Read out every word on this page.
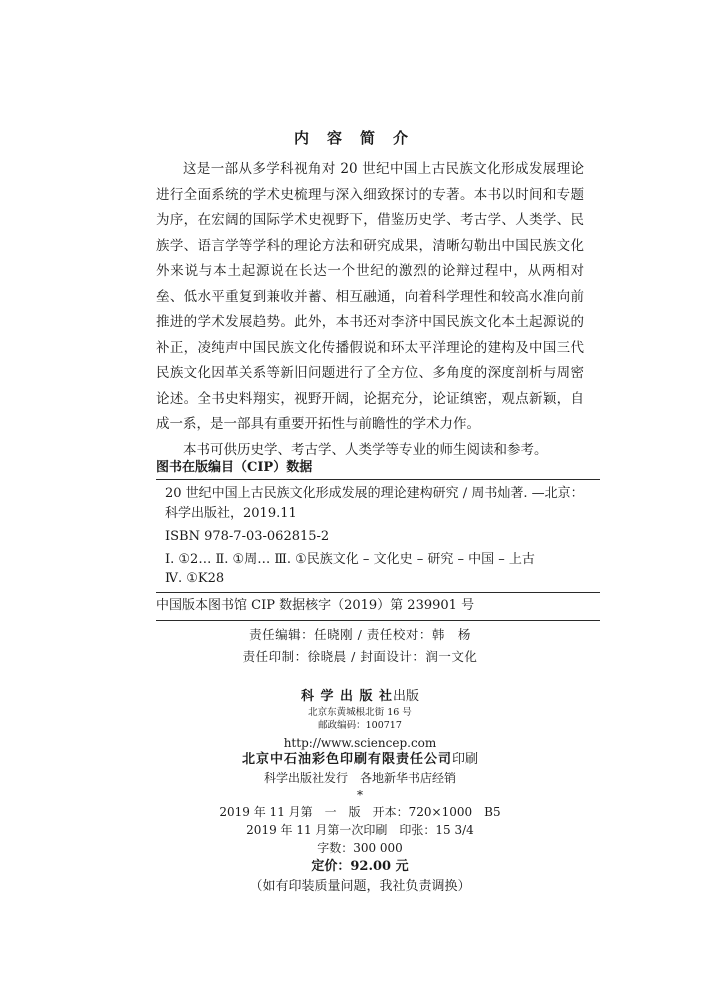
内容简介

这是一部从多学科视角对 20 世纪中国上古民族文化形成发展理论进行全面系统的学术史梳理与深入细致探讨的专著。本书以时间和专题为序，在宏阔的国际学术史视野下，借鉴历史学、考古学、人类学、民族学、语言学等学科的理论方法和研究成果，清晰勾勒出中国民族文化外来说与本土起源说在长达一个世纪的激烈的论辩过程中，从两相对垒、低水平重复到兼收并蓄、相互融通，向着科学理性和较高水准向前推进的学术发展趋势。此外，本书还对李济中国民族文化本土起源说的补正，凌纯声中国民族文化传播假说和环太平洋理论的建构及中国三代民族文化因革关系等新旧问题进行了全方位、多角度的深度剖析与周密论述。全书史料翔实，视野开阔，论据充分，论证缜密，观点新颖，自成一系，是一部具有重要开拓性与前瞻性的学术力作。

本书可供历史学、考古学、人类学等专业的师生阅读和参考。

图书在版编目（CIP）数据
20 世纪中国上古民族文化形成发展的理论建构研究 / 周书灿著. —北京：
科学出版社，2019.11
ISBN 978-7-03-062815-2
Ⅰ. ①2… Ⅱ. ①周… Ⅲ. ①民族文化 – 文化史 – 研究 – 中国 – 上古
Ⅳ. ①K28
中国版本图书馆 CIP 数据核字（2019）第 239901 号
责任编辑：任晓刚 / 责任校对：韩　杨
责任印制：徐晓晨 / 封面设计：润一文化
科 学 出 版 社出版
北京东黄城根北街 16 号
邮政编码：100717
http://www.sciencep.com
北京中石油彩色印刷有限责任公司印刷
科学出版社发行　各地新华书店经销
*
2019 年 11 月第　一　版　开本：720×1000　B5
2019 年 11 月第一次印刷　印张：15 3/4
字数：300 000
定价：92.00 元
（如有印装质量问题，我社负责调换）
